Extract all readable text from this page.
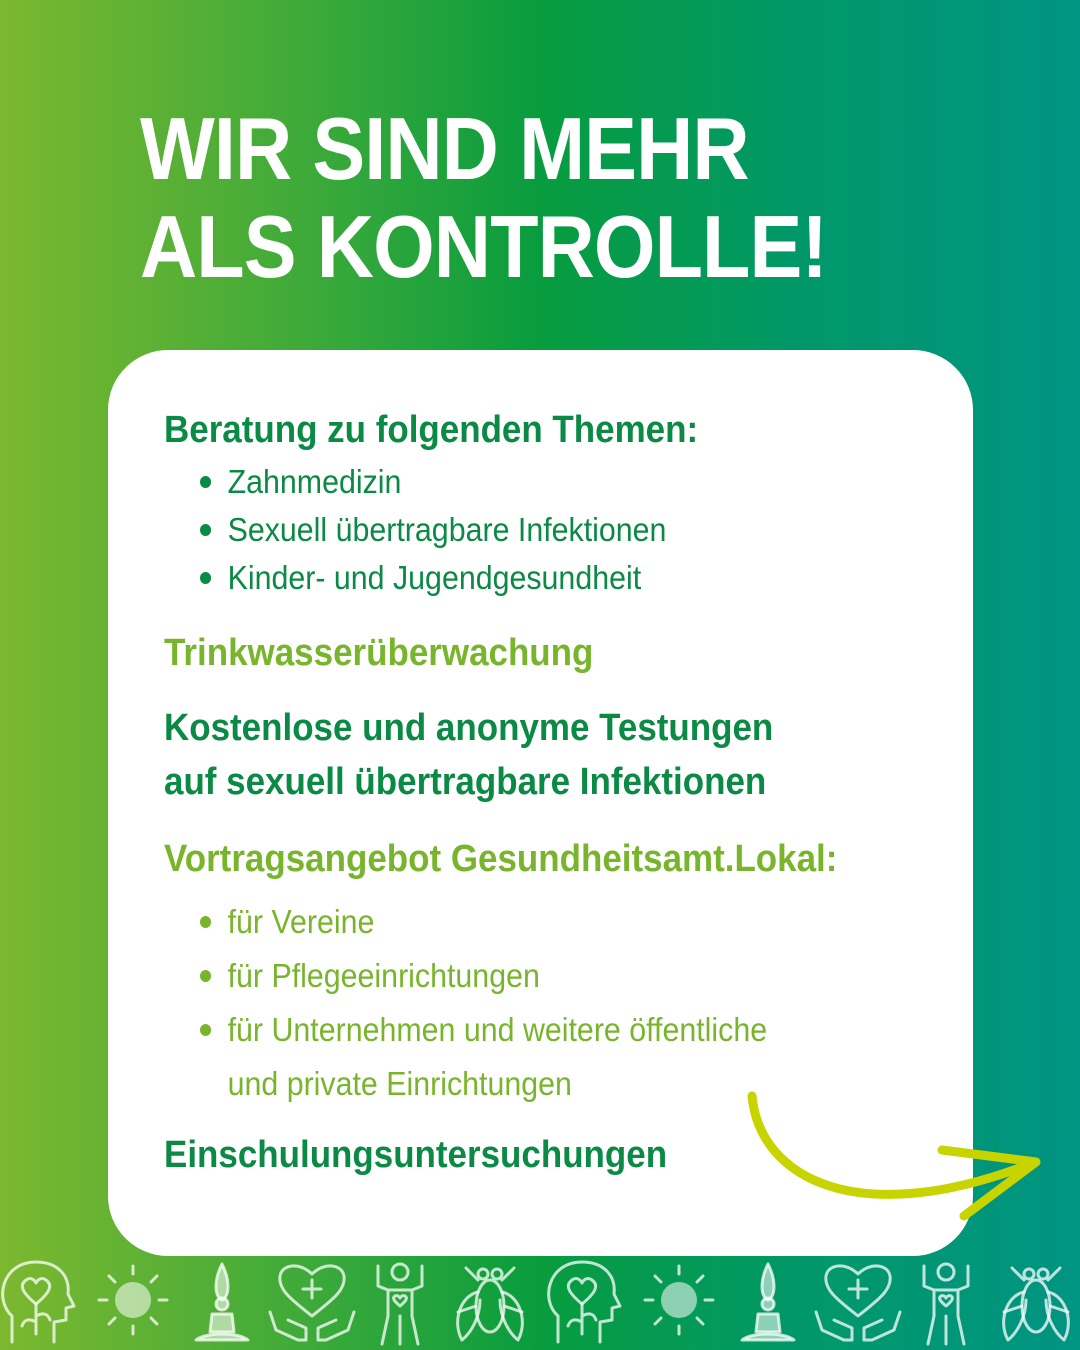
WIR SIND MEHR
ALS KONTROLLE!

Beratung zu folgenden Themen:

Zahnmedizin
Sexuell übertragbare Infektionen
Kinder- und Jugendgesundheit

Trinkwasserüberwachung

Kostenlose und anonyme Testungen

auf sexuell übertragbare Infektionen

Vortragsangebot Gesundheitsamt.Lokal:

für Vereine
für Pflegeeinrichtungen
für Unternehmen und weitere öffentliche
und private Einrichtungen

Einschulungsuntersuchungen
